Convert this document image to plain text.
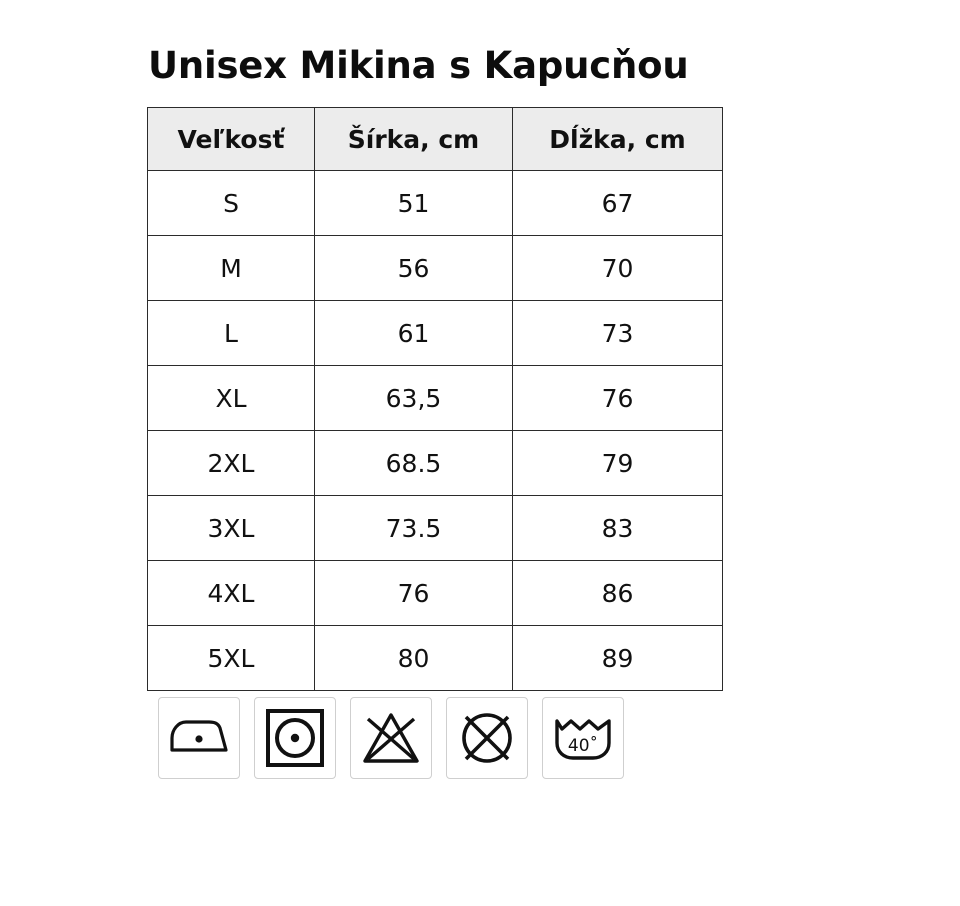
Unisex Mikina s Kapucňou
Veľkosť	Šírka, cm	Dĺžka, cm
S	51	67
M	56	70
L	61	73
XL	63,5	76
2XL	68.5	79
3XL	73.5	83
4XL	76	86
5XL	80	89
40˚
